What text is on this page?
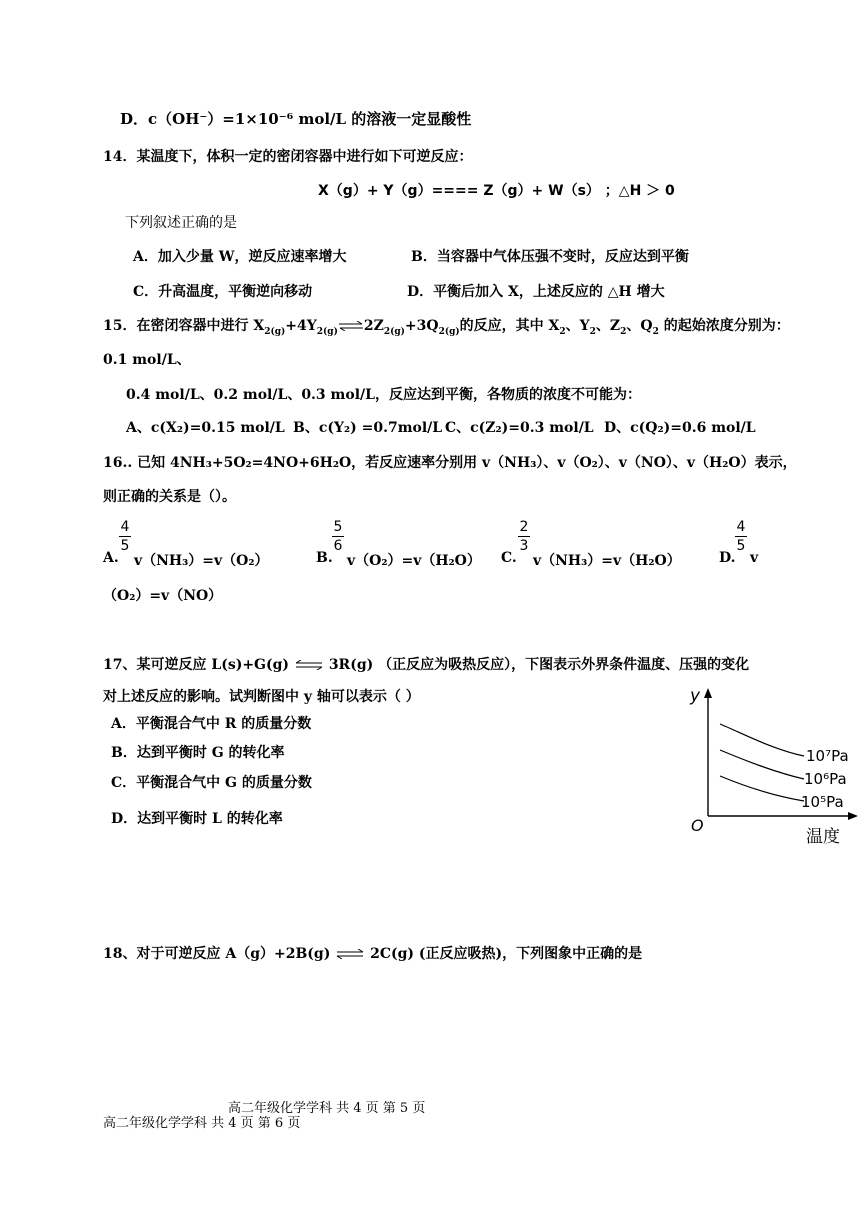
D．c（OH⁻）=1×10⁻⁶ mol/L 的溶液一定显酸性
14．某温度下，体积一定的密闭容器中进行如下可逆反应：
X（g）+ Y（g）==== Z（g）+ W（s） ；△H ＞ 0
下列叙述正确的是
A．加入少量 W，逆反应速率增大	B．当容器中气体压强不变时，反应达到平衡
C．升高温度，平衡逆向移动	D．平衡后加入 X，上述反应的 △H 增大
15．在密闭容器中进行 $X_{2(g)}+4Y_{2(g)}$ $\rightleftharpoons 2Z_{2(g)}+3Q_{2(g)}$的反应，其中 $X_2$、$Y_2$、$Z_2$、$Q_2$ 的起始浓度分别为：
0.1 mol/L、
0.4 mol/L、0.2 mol/L、0.3 mol/L，反应达到平衡，各物质的浓度不可能为：
A、c(X₂)=0.15 mol/L B、c(Y₂) =0.7mol/L C、c(Z₂)=0.3 mol/L D、c(Q₂)=0.6 mol/L
16.. 已知 4NH₃+5O₂=4NO+6H₂O，若反应速率分别用 v（NH₃）、v（O₂）、v（NO）、v（H₂O）表示，
则正确的关系是（）。
A.
$\frac{4}{5}$
v（NH₃）=v（O₂）	B.
$\frac{5}{6}$
v（O₂）=v（H₂O） C.
$\frac{2}{3}$
v（NH₃）=v（H₂O）	D.
$\frac{4}{5}$
v
（O₂）=v（NO）
17、某可逆反应 L(s)+G(g) ⇌ 3R(g) （正反应为吸热反应），下图表示外界条件温度、压强的变化
对上述反应的影响。试判断图中 y 轴可以表示（ ）
A．平衡混合气中 R 的质量分数
B．达到平衡时 G 的转化率
C．平衡混合气中 G 的质量分数
D．达到平衡时 L 的转化率
y
O
温度
10⁷Pa
10⁶Pa
10⁵Pa
18、对于可逆反应 A（g）+2B(g) ⇌ 2C(g) (正反应吸热)，下列图象中正确的是
高二年级化学学科 共 4 页 第 5 页
高二年级化学学科 共 4 页 第 6 页
